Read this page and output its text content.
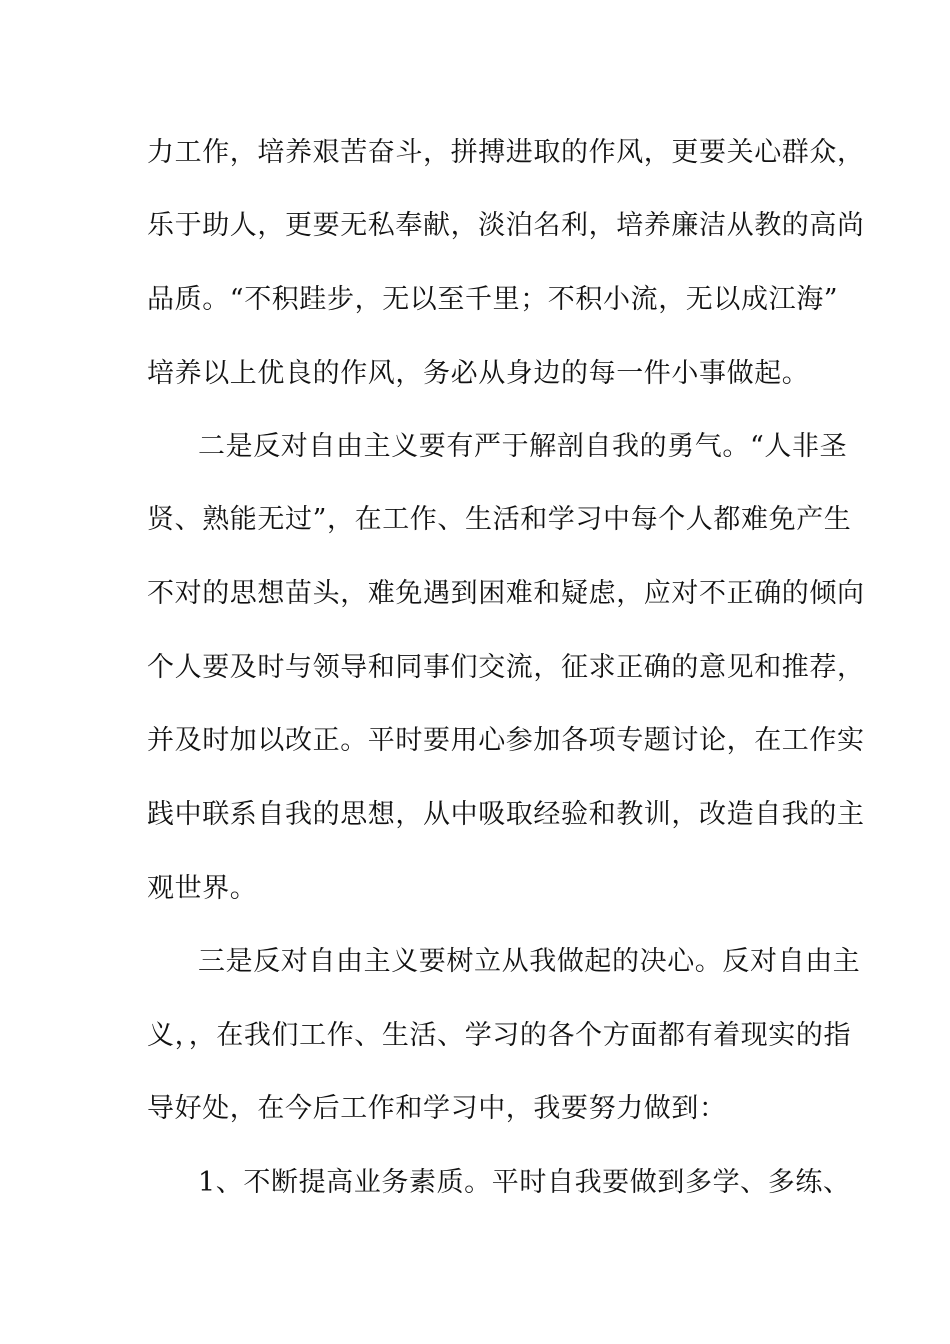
力工作，培养艰苦奋斗，拼搏进取的作风，更要关心群众，
乐于助人，更要无私奉献，淡泊名利，培养廉洁从教的高尚
品质。“不积跬步，无以至千里；不积小流，无以成江海”
培养以上优良的作风，务必从身边的每一件小事做起。
二是反对自由主义要有严于解剖自我的勇气。“人非圣
贤、熟能无过”，在工作、生活和学习中每个人都难免产生
不对的思想苗头，难免遇到困难和疑虑，应对不正确的倾向
个人要及时与领导和同事们交流，征求正确的意见和推荐，
并及时加以改正。平时要用心参加各项专题讨论，在工作实
践中联系自我的思想，从中吸取经验和教训，改造自我的主
观世界。
三是反对自由主义要树立从我做起的决心。反对自由主
义，，在我们工作、生活、学习的各个方面都有着现实的指
导好处，在今后工作和学习中，我要努力做到：
1、不断提高业务素质。平时自我要做到多学、多练、
